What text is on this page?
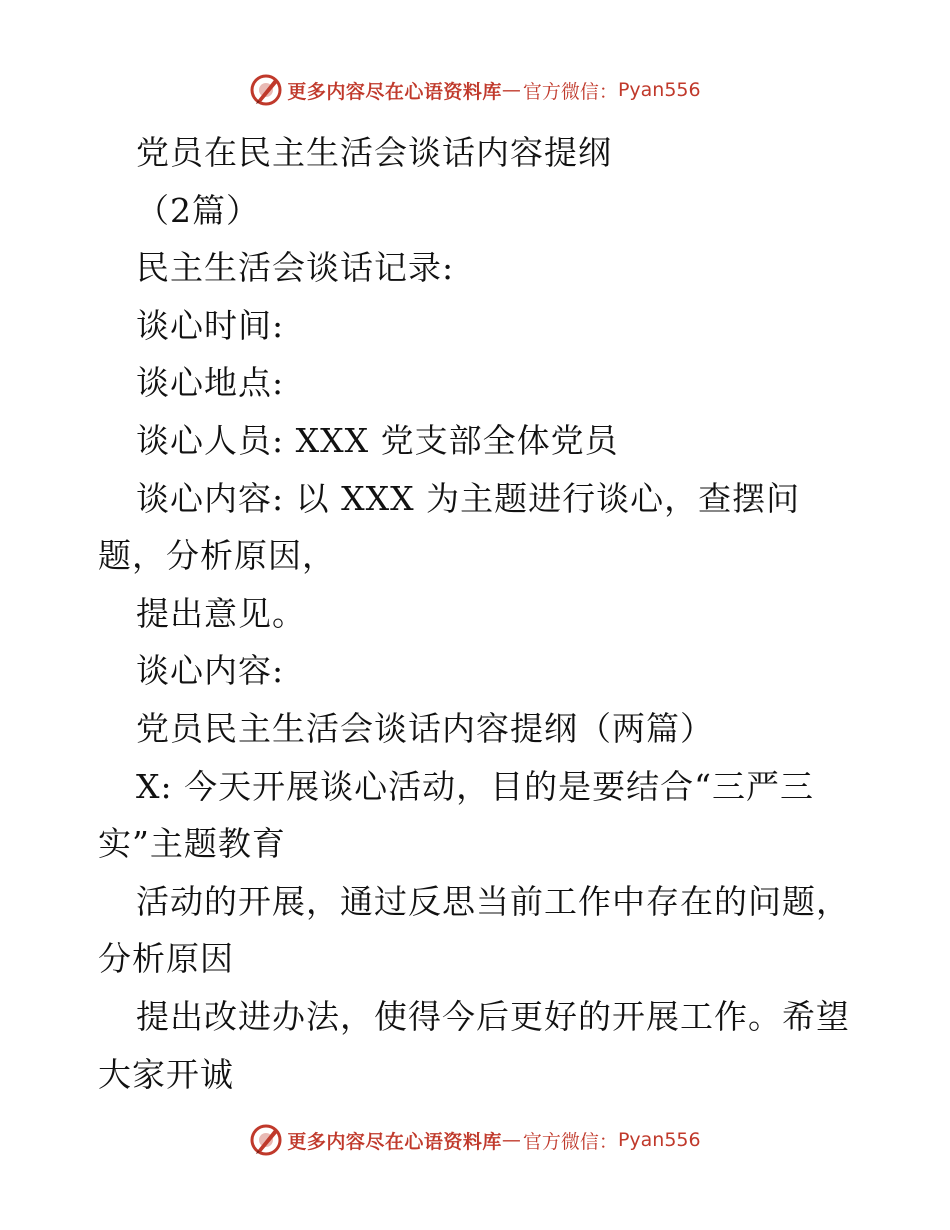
更多内容尽在心语资料库 — 官方微信： Pyan556
党员在民主生活会谈话内容提纲
（2篇）
民主生活会谈话记录:
谈心时间:
谈心地点:
谈心人员: XXX 党支部全体党员
谈心内容: 以 XXX 为主题进行谈心，查摆问
题，分析原因，
提出意见。
谈心内容:
党员民主生活会谈话内容提纲（两篇）
X: 今天开展谈心活动，目的是要结合“三严三
实”主题教育
活动的开展，通过反思当前工作中存在的问题，
分析原因
提出改进办法，使得今后更好的开展工作。希望
大家开诚
更多内容尽在心语资料库 — 官方微信： Pyan556
